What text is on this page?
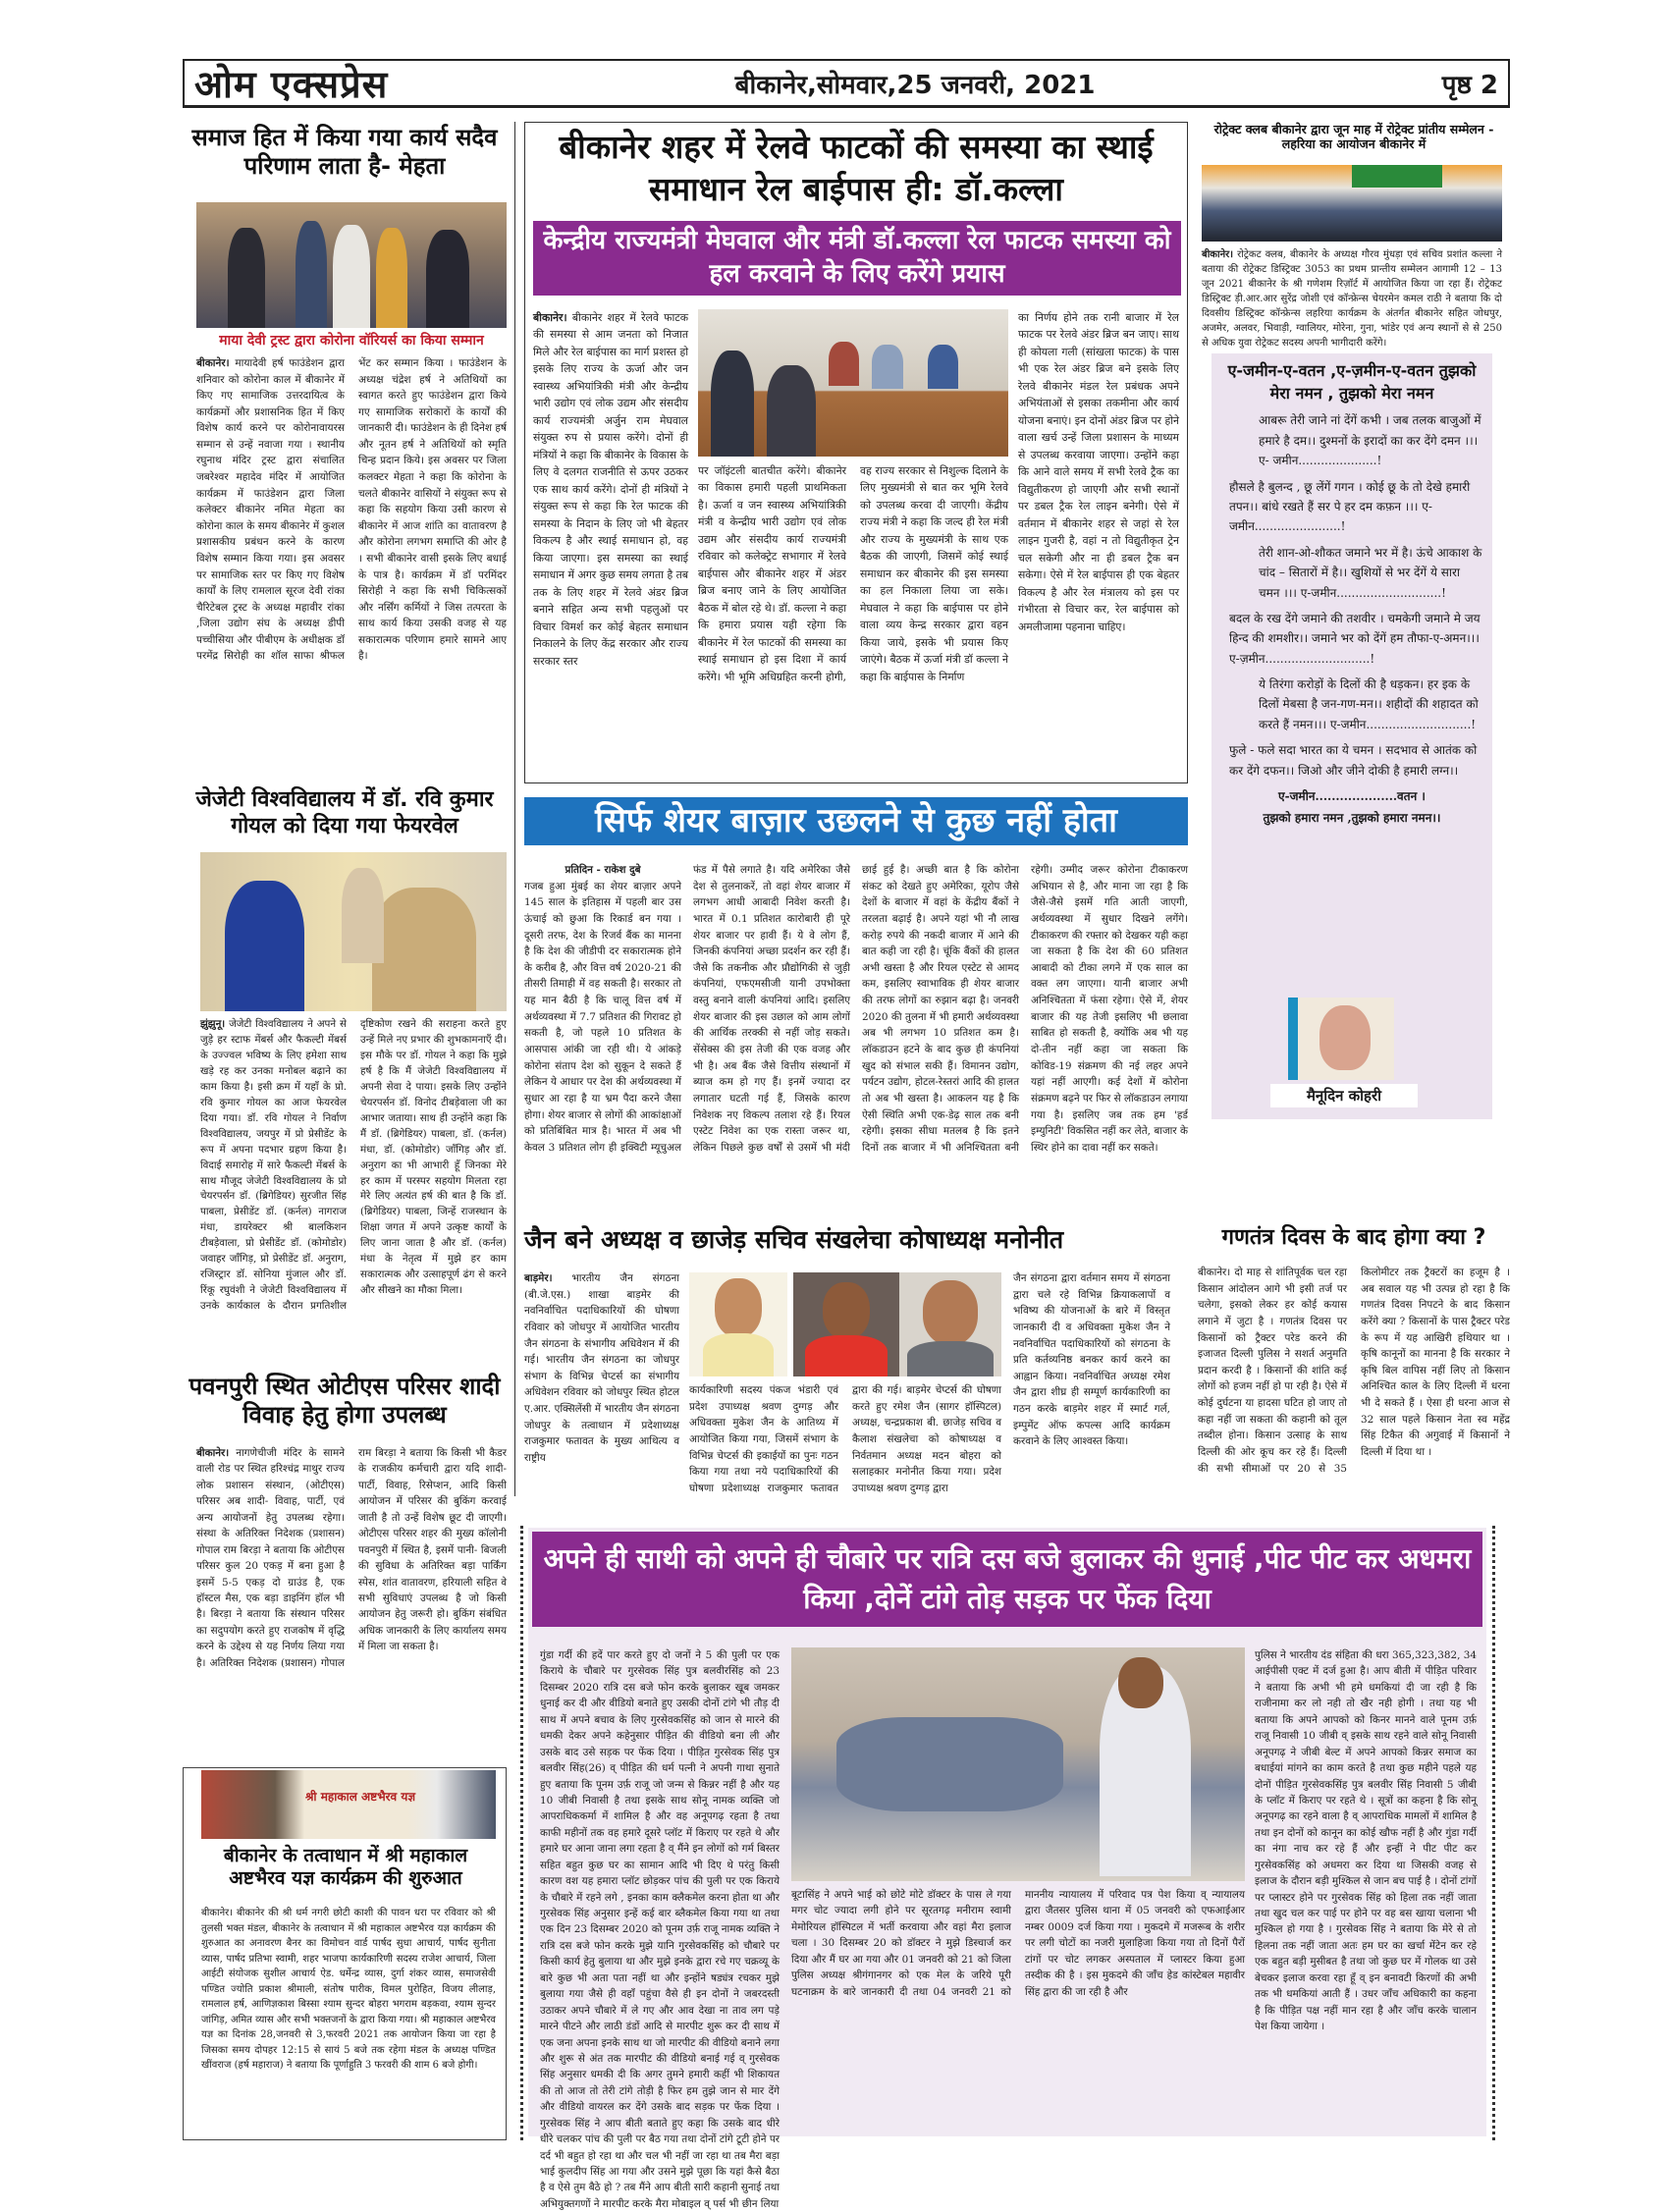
ओम एक्सप्रेस	बीकानेर,सोमवार,25 जनवरी, 2021	पृष्ठ 2
समाज हित में किया गया कार्य सदैव परिणाम लाता है- मेहता
माया देवी ट्रस्ट द्वारा कोरोना वॉरियर्स का किया सम्मान
बीकानेर। मायादेवी हर्ष फाउंडेशन द्वारा शनिवार को कोरोना काल में बीकानेर में किए गए सामाजिक उत्तरदायित्व के कार्यक्रमों और प्रशासनिक हित में किए विशेष कार्य करने पर कोरोनावायरस सम्मान से उन्हें नवाजा गया । स्थानीय रघुनाथ मंदिर ट्रस्ट द्वारा संचालित जबरेश्वर महादेव मंदिर में आयोजित कार्यक्रम में फाउंडेशन द्वारा जिला कलेक्टर बीकानेर नमित मेहता का कोरोना काल के समय बीकानेर में कुशल प्रशासकीय प्रबंधन करने के कारण विशेष सम्मान किया गया। इस अवसर पर सामाजिक स्तर पर किए गए विशेष कार्यों के लिए रामलाल सूरज देवी रांका चैरिटेबल ट्रस्ट के अध्यक्ष महावीर रांका ,जिला उद्योग संघ के अध्यक्ष डीपी पच्चीसिया और पीबीएम के अधीक्षक डॉ परमेंद्र सिरोही का शॉल साफा श्रीफल भेंट कर सम्मान किया । फाउंडेशन के अध्यक्ष चंद्रेश हर्ष ने अतिथियों का स्वागत करते हुए फाउंडेशन द्वारा किये गए सामाजिक सरोकारों के कार्यों की जानकारी दी। फाउंडेशन के ही दिनेश हर्ष और नूतन हर्ष ने अतिथियों को स्मृति चिन्ह प्रदान किये। इस अवसर पर जिला कलक्टर मेहता ने कहा कि कोरोना के चलते बीकानेर वासियों ने संयुक्त रूप से कहा कि सहयोग किया उसी कारण से बीकानेर में आज शांति का वातावरण है और कोरोना लगभग समाप्ति की ओर है । सभी बीकानेर वासी इसके लिए बधाई के पात्र है। कार्यक्रम में डॉ परमिंदर सिरोही ने कहा कि सभी चिकित्सकों और नर्सिंग कर्मियों ने जिस तत्परता के साथ कार्य किया उसकी वजह से यह सकारात्मक परिणाम हमारे सामने आए है।
बीकानेर शहर में रेलवे फाटकों की समस्या का स्थाई समाधान रेल बाईपास ही: डॉ.कल्ला
केन्द्रीय राज्यमंत्री मेघवाल और मंत्री डॉ.कल्ला रेल फाटक समस्या को हल करवाने के लिए करेंगे प्रयास
बीकानेर। बीकानेर शहर में रेलवे फाटक की समस्या से आम जनता को निजात मिले और रेल बाईपास का मार्ग प्रशस्त हो इसके लिए राज्य के ऊर्जा और जन स्वास्थ्य अभियांत्रिकी मंत्री और केन्द्रीय भारी उद्योग एवं लोक उद्यम और संसदीय कार्य राज्यमंत्री अर्जुन राम मेघवाल संयुक्त रुप से प्रयास करेंगे। दोनों ही मंत्रियों ने कहा कि बीकानेर के विकास के लिए वे दलगत राजनीति से ऊपर उठकर एक साथ कार्य करेंगे। दोनों ही मंत्रियों ने संयुक्त रूप से कहा कि रेल फाटक की समस्या के निदान के लिए जो भी बेहतर विकल्प है और स्थाई समाधान हो, वह किया जाएगा। इस समस्या का स्थाई समाधान में अगर कुछ समय लगता है तब तक के लिए शहर में रेलवे अंडर ब्रिज बनाने सहित अन्य सभी पहलुओं पर विचार विमर्श कर कोई बेहतर समाधान निकालने के लिए केंद्र सरकार और राज्य सरकार स्तर
पर जॉइंटली बातचीत करेंगे। बीकानेर का विकास हमारी पहली प्राथमिकता है। ऊर्जा व जन स्वास्थ्य अभियांत्रिकी मंत्री व केन्द्रीय भारी उद्योग एवं लोक उद्यम और संसदीय कार्य राज्यमंत्री रविवार को कलेक्ट्रेट सभागार में रेलवे बाईपास और बीकानेर शहर में अंडर ब्रिज बनाए जाने के लिए आयोजित बैठक में बोल रहे थे। डॉ. कल्ला ने कहा कि हमारा प्रयास यही रहेगा कि बीकानेर में रेल फाटकों की समस्या का स्थाई समाधान हो इस दिशा में कार्य करेंगे। भी भूमि अधिग्रहित करनी होगी, वह राज्य सरकार से निशुल्क दिलाने के लिए मुख्यमंत्री से बात कर भूमि रेलवे को उपलब्ध करवा दी जाएगी। केंद्रीय राज्य मंत्री ने कहा कि जल्द ही रेल मंत्री और राज्य के मुख्यमंत्री के साथ एक बैठक की जाएगी, जिसमें कोई स्थाई समाधान कर बीकानेर की इस समस्या का हल निकाला लिया जा सके। मेघवाल ने कहा कि बाईपास पर होने वाला व्यय केन्द्र सरकार द्वारा वहन किया जाये, इसके भी प्रयास किए जाएंगे। बैठक में ऊर्जा मंत्री डॉ कल्ला ने कहा कि बाईपास के निर्माण
का निर्णय होने तक रानी बाजार में रेल फाटक पर रेलवे अंडर ब्रिज बन जाए। साथ ही कोयला गली (सांखला फाटक) के पास भी एक रेल अंडर ब्रिज बने इसके लिए रेलवे बीकानेर मंडल रेल प्रबंधक अपने अभियंताओं से इसका तकमीना और कार्य योजना बनाएं। इन दोनों अंडर ब्रिज पर होने वाला खर्च उन्हें जिला प्रशासन के माध्यम से उपलब्ध करवाया जाएगा। उन्होंने कहा कि आने वाले समय में सभी रेलवे ट्रैक का विद्युतीकरण हो जाएगी और सभी स्थानों पर डबल ट्रैक रेल लाइन बनेगी। ऐसे में वर्तमान में बीकानेर शहर से जहां से रेल लाइन गुजरी है, वहां न तो विद्युतीकृत ट्रेन चल सकेगी और ना ही डबल ट्रैक बन सकेगा। ऐसे में रेल बाईपास ही एक बेहतर विकल्प है और रेल मंत्रालय को इस पर गंभीरता से विचार कर, रेल बाईपास को अमलीजामा पहनाना चाहिए।
रोट्रेक्ट क्लब बीकानेर द्वारा जून माह में रोट्रेक्ट प्रांतीय सम्मेलन - लहरिया का आयोजन बीकानेर में
बीकानेर। रोट्रेकट क्लब, बीकानेर के अध्यक्ष गौरव मुंधड़ा एवं सचिव प्रशांत कल्ला ने बताया की रोट्रेकट डिस्ट्रिक्ट 3053 का प्रथम प्रान्तीय सम्मेलन आगामी 12 – 13 जून 2021 बीकानेर के श्री गणेशम रिज़ॉर्ट में आयोजित किया जा रहा हैं। रोट्रेकट डिस्ट्रिक्ट ड़ी.आर.आर सुरेंद्र जोशी एवं कॉन्फ्रेन्स चेयरमेन कमल राठी ने बताया कि दो दिवसीय डिस्ट्रिक्ट कॉन्फ्रेन्स लहरिया कार्यक्रम के अंतर्गत बीकानेर सहित जोधपुर, अजमेर, अलवर, भिवाड़ी, ग्वालियर, मोरेना, गुना, भांडेर एवं अन्य स्थानों से से 250 से अधिक युवा रोट्रेकट सदस्य अपनी भागीदारी करेंगे।
ए-जमीन-ए-वतन ,ए-ज़मीन-ए-वतन तुझको मेरा नमन , तुझको मेरा नमन
आबरू तेरी जाने नां देंगें कभी । जब तलक बाजुओं में हमारे है दम।। दुश्मनों के इरादों का कर देंगे दमन ।।। ए- जमीन.....................!
हौसले है बुलन्द , छू लेंगें गगन । कोई छू के तो देखे हमारी तपन।। बांधे रखते हैं सर पे हर दम कफ़न ।।। ए-जमीन.......................!
तेरी शान-ओ-शौकत जमाने भर में है। ऊंचे आकाश के चांद – सितारों में है।। खुशियों से भर देंगें ये सारा चमन ।।। ए-जमीन............................!
बदल के रख देंगे जमाने की तशवीर । चमकेगी जमाने मे जय हिन्द की शमशीर।। जमाने भर को देंगें हम तौफा-ए-अमन।।। ए-ज़मीन............................!
ये तिरंगा करोड़ों के दिलों की है धड़कन। हर इक के दिलों मेबसा है जन-गण-मन।। शहीदों की शहादत को करते हैं नमन।।। ए-जमीन............................!
फुले - फले सदा भारत का ये चमन । सदभाव से आतंक को कर देंगे दफन।। जिओ और जीने दोकी है हमारी लग्न।।
ए-जमीन....................वतन ।
तुझको हमारा नमन ,तुझको हमारा नमन।।
मैनूदिन कोहरी
जेजेटी विश्वविद्यालय में डॉ. रवि कुमार गोयल को दिया गया फेयरवेल
झुंझुनू। जेजेटी विश्वविद्यालय ने अपने से जुड़े हर स्टाफ मेंबर्स और फैकल्टी मेंबर्स के उज्ज्वल भविष्य के लिए हमेशा साथ खड़े रह कर उनका मनोबल बढ़ाने का काम किया है। इसी क्रम में यहाँ के प्रो. रवि कुमार गोयल का आज फेयरवेल दिया गया। डॉ. रवि गोयल ने निर्वाण विश्वविद्यालय, जयपुर में प्रो प्रेसीडेंट के रूप में अपना पदभार ग्रहण किया है। विदाई समारोह में सारे फैकल्टी मेंबर्स के साथ मौजूद जेजेटी विश्वविद्यालय के प्रो चेयरपर्सन डॉ. (ब्रिगेडियर) सुरजीत सिंह पाबला, प्रेसीडेंट डॉ. (कर्नल) नागराज मंधा, डायरेक्टर श्री बालकिशन टीबड़ेवाला, प्रो प्रेसीडेंट डॉ. (कोमोडोर) जवाहर जाँगिड़, प्रो प्रेसीडेंट डॉ. अनुराग, रजिस्ट्रार डॉ. सोनिया मुंजाल और डॉ. रिंकू रघुवंशी ने जेजेटी विश्वविद्यालय में उनके कार्यकाल के दौरान प्रगतिशील दृष्टिकोण रखने की सराहना करते हुए उन्हें मिले नए प्रभार की शुभकामनाएँ दी। इस मौके पर डॉ. गोयल ने कहा कि मुझे हर्ष है कि मैं जेजेटी विश्वविद्यालय में अपनी सेवा दे पाया। इसके लिए उन्होंने चेयरपर्सन डॉ. विनोद टीबड़ेवाला जी का आभार जताया। साथ ही उन्होंने कहा कि मैं डॉ. (ब्रिगेडियर) पाबला, डॉ. (कर्नल) मंधा, डॉ. (कोमोडोर) जाँगिड़ और डॉ. अनुराग का भी आभारी हूँ जिनका मेरे हर काम में परस्पर सहयोग मिलता रहा मेरे लिए अत्यंत हर्ष की बात है कि डॉ. (ब्रिगेडियर) पाबला, जिन्हें राजस्थान के शिक्षा जगत में अपने उत्कृष्ट कार्यों के लिए जाना जाता है और डॉ. (कर्नल) मंधा के नेतृत्व में मुझे हर काम सकारात्मक और उत्साहपूर्ण ढंग से करने और सीखने का मौका मिला।
सिर्फ शेयर बाज़ार उछलने से कुछ नहीं होता
प्रतिदिन - राकेश दुबे
गजब हुआ मुंबई का शेयर बाज़ार अपने 145 साल के इतिहास में पहली बार उस ऊंचाई को छुआ कि रिकार्ड बन गया । दूसरी तरफ, देश के रिजर्व बैंक का मानना है कि देश की जीडीपी दर सकारात्मक होने के करीब है, और वित्त वर्ष 2020-21 की तीसरी तिमाही में वह सकती है। सरकार तो यह मान बैठी है कि चालू वित्त वर्ष में अर्थव्यवस्था में 7.7 प्रतिशत की गिरावट हो सकती है, जो पहले 10 प्रतिशत के आसपास आंकी जा रही थी। ये आंकड़े कोरोना संताप देश को सुकून दे सकते हैं लेकिन ये आधार पर देश की अर्थव्यवस्था में सुधार आ रहा है या भ्रम पैदा करने जैसा होगा। शेयर बाजार से लोगों की आकांक्षाओं को प्रतिबिंबित मात्र है। भारत में अब भी केवल 3 प्रतिशत लोग ही इक्विटी म्यूचुअल फंड में पैसे लगाते है। यदि अमेरिका जैसे देश से तुलनाकरें, तो वहां शेयर बाजार में लगभग आधी आबादी निवेश करती है। भारत में 0.1 प्रतिशत कारोबारी ही पूरे शेयर बाजार पर हावी हैं। ये वे लोग हैं, जिनकी कंपनियां अच्छा प्रदर्शन कर रही हैं। जैसे कि तकनीक और प्रौद्योगिकी से जुड़ी कंपनियां, एफएमसीजी यानी उपभोक्ता वस्तु बनाने वाली कंपनियां आदि। इसलिए शेयर बाजार की इस उछाल को आम लोगों की आर्थिक तरक्की से नहीं जोड़ सकते। सेंसेक्स की इस तेजी की एक वजह और भी है। अब बैंक जैसे वित्तीय संस्थानों में ब्याज कम हो गए हैं। इनमें ज्यादा दर लगातार घटती गई हैं, जिसके कारण निवेशक नए विकल्प तलाश रहे हैं। रियल एस्टेट निवेश का एक रास्ता जरूर था, लेकिन पिछले कुछ वर्षों से उसमें भी मंदी छाई हुई है। अच्छी बात है कि कोरोना संकट को देखते हुए अमेरिका, यूरोप जैसे देशों के बाजार में वहां के केंद्रीय बैंकों ने तरलता बढ़ाई है। अपने यहां भी नौ लाख करोड़ रुपये की नकदी बाजार में आने की बात कही जा रही है। चूंकि बैंकों की हालत अभी खस्ता है और रियल एस्टेट से आमद कम, इसलिए स्वाभाविक ही शेयर बाजार की तरफ लोगों का रुझान बढ़ा है। जनवरी 2020 की तुलना में भी हमारी अर्थव्यवस्था अब भी लगभग 10 प्रतिशत कम है। लॉकडाउन हटने के बाद कुछ ही कंपनियां खुद को संभाल सकी हैं। विमानन उद्योग, पर्यटन उद्योग, होटल-रेस्तरां आदि की हालत तो अब भी खस्ता है। आकलन यह है कि ऐसी स्थिति अभी एक-डेढ़ साल तक बनी रहेगी। इसका सीधा मतलब है कि इतने दिनों तक बाजार में भी अनिश्चितता बनी रहेगी। उम्मीद जरूर कोरोना टीकाकरण अभियान से है, और माना जा रहा है कि जैसे-जैसे इसमें गति आती जाएगी, अर्थव्यवस्था में सुधार दिखने लगेंगे। टीकाकरण की रफ्तार को देखकर यही कहा जा सकता है कि देश की 60 प्रतिशत आबादी को टीका लगने में एक साल का वक्त लग जाएगा। यानी बाजार अभी अनिश्चितता में फंसा रहेगा। ऐसे में, शेयर बाजार की यह तेजी इसलिए भी छलावा साबित हो सकती है, क्योंकि अब भी यह दो-तीन नहीं कहा जा सकता कि कोविड-19 संक्रमण की नई लहर अपने यहां नहीं आएगी। कई देशों में कोरोना संक्रमण बढ़ने पर फिर से लॉकडाउन लगाया गया है। इसलिए जब तक हम 'हर्ड इम्युनिटी' विकसित नहीं कर लेते, बाजार के स्थिर होने का दावा नहीं कर सकते।
जैन बने अध्यक्ष व छाजेड़ सचिव संखलेचा कोषाध्यक्ष मनोनीत
बाड़मेर। भारतीय जैन संगठना (बी.जे.एस.) शाखा बाड़मेर की नवनिर्वाचित पदाधिकारियों की घोषणा रविवार को जोधपुर में आयोजित भारतीय जैन संगठना के संभागीय अधिवेशन में की गई। भारतीय जैन संगठना का जोधपुर संभाग के विभिन्न चेप्टर्स का संभागीय अधिवेशन रविवार को जोधपुर स्थित होटल ए.आर. एक्सिलेंसी में भारतीय जैन संगठना जोधपुर के तत्वाधान में प्रदेशाध्यक्ष राजकुमार फतावत के मुख्य आथित्य व राष्ट्रीय
कार्यकारिणी सदस्य पंकज भंडारी एवं प्रदेश उपाध्यक्ष श्रवण दुग्गड़ और अधिवक्ता मुकेश जैन के आतिथ्य में आयोजित किया गया, जिसमें संभाग के विभिन्न चेप्टर्स की इकाईयों का पुनः गठन किया गया तथा नये पदाधिकारियों की घोषणा प्रदेशाध्यक्ष राजकुमार फतावत द्वारा की गई। बाड़मेर चेप्टर्स की घोषणा करते हुए रमेश जैन (सागर हॉस्पिटल) अध्यक्ष, चन्द्रप्रकाश बी. छाजेड़ सचिव व कैलाश संखलेचा को कोषाध्यक्ष व निर्वतमान अध्यक्ष मदन बोहरा को सलाहकार मनोनीत किया गया। प्रदेश उपाध्यक्ष श्रवण दुग्गड़ द्वारा
जैन संगठना द्वारा वर्तमान समय में संगठना द्वारा चले रहे विभिन्न क्रियाकलापों व भविष्य की योजनाओं के बारे में विस्तृत जानकारी दी व अधिवक्ता मुकेश जैन ने नवनिर्वाचित पदाधिकारियों को संगठना के प्रति कर्तव्यनिष्ठ बनकर कार्य करने का आह्वान किया। नवनिर्वाचित अध्यक्ष रमेश जैन द्वारा शीघ्र ही सम्पूर्ण कार्यकारिणी का गठन करके बाड़मेर शहर में स्मार्ट गर्ल, इम्पुमेंट ऑफ कपल्स आदि कार्यक्रम करवाने के लिए आश्वस्त किया।
गणतंत्र दिवस के बाद होगा क्या ?
बीकानेर। दो माह से शांतिपूर्वक चल रहा किसान आंदोलन आगे भी इसी तर्ज पर चलेगा, इसको लेकर हर कोई कयास लगाने में जुटा है । गणतंत्र दिवस पर किसानों को ट्रैक्टर परेड करने की इजाजत दिल्ली पुलिस ने सशर्त अनुमति प्रदान करदी है । किसानों की शांति कई लोगों को हजम नहीं हो पा रही है। ऐसे में कोई दुर्घटना या हादसा घटित हो जाए तो कहा नहीं जा सकता की कहानी को तूल तब्दील होना। किसान उत्साह के साथ दिल्ली की ओर कूच कर रहे हैं। दिल्ली की सभी सीमाओं पर 20 से 35 किलोमीटर तक ट्रैक्टरों का हजूम है । अब सवाल यह भी उत्पन्न हो रहा है कि गणतंत्र दिवस निपटने के बाद किसान करेंगे क्या ? किसानों के पास ट्रैक्टर परेड के रूप में यह आखिरी हथियार था । कृषि कानूनों का मानना है कि सरकार ने कृषि बिल वापिस नहीं लिए तो किसान अनिश्चित काल के लिए दिल्ली में धरना भी दे सकते हैं । ऐसा ही धरना आज से 32 साल पहले किसान नेता स्व महेंद्र सिंह टिकैत की अगुवाई में किसानों ने दिल्ली में दिया था ।
पवनपुरी स्थित ओटीएस परिसर शादी विवाह हेतु होगा उपलब्ध
बीकानेर। नागणेचीजी मंदिर के सामने वाली रोड पर स्थित हरिश्चंद्र माथुर राज्य लोक प्रशासन संस्थान, (ओटीएस) परिसर अब शादी- विवाह, पार्टी, एवं अन्य आयोजनों हेतु उपलब्ध रहेगा। संस्था के अतिरिक्त निदेशक (प्रशासन) गोपाल राम बिरड़ा ने बताया कि ओटीएस परिसर कुल 20 एकड़ में बना हुआ है इसमें 5-5 एकड़ दो ग्राउंड है, एक हॉस्टल मैस, एक बड़ा डाइनिंग हॉल भी है। बिरड़ा ने बताया कि संस्थान परिसर का सदुपयोग करते हुए राजकोष में वृद्धि करने के उद्देश्य से यह निर्णय लिया गया है। अतिरिक्त निदेशक (प्रशासन) गोपाल राम बिरड़ा ने बताया कि किसी भी कैडर के राजकीय कर्मचारी द्वारा यदि शादी-पार्टी, विवाह, रिसेप्शन, आदि किसी आयोजन में परिसर की बुकिंग करवाई जाती है तो उन्हें विशेष छूट दी जाएगी। ओटीएस परिसर शहर की मुख्य कॉलोनी पवनपुरी में स्थित है, इसमें पानी- बिजली की सुविधा के अतिरिक्त बड़ा पार्किंग स्पेस, शांत वातावरण, हरियाली सहित वे सभी सुविधाएं उपलब्ध है जो किसी आयोजन हेतु जरूरी हो। बुकिंग संबंधित अधिक जानकारी के लिए कार्यालय समय में मिला जा सकता है।
श्री महाकाल अष्टभैरव यज्ञ
बीकानेर के तत्वाधान में श्री महाकाल अष्टभैरव यज्ञ कार्यक्रम की शुरुआत
बीकानेर। बीकानेर की श्री धर्म नगरी छोटी काशी की पावन धरा पर रविवार को श्री तुलसी भक्त मंडल, बीकानेर के तत्वाधान में श्री महाकाल अष्टभैरव यज्ञ कार्यक्रम की शुरुआत का अनावरण बैनर का विमोचन वार्ड पार्षद सुधा आचार्य, पार्षद सुनीता व्यास, पार्षद प्रतिभा स्वामी, शहर भाजपा कार्यकारिणी सदस्य राजेश आचार्य, जिला आईटी संयोजक सुशील आचार्य ऐड. धर्मेन्द्र व्यास, दुर्गा शंकर व्यास, समाजसेवी पण्डित ज्योति प्रकाश श्रीमाली, संतोष पारीक, विमल पुरोहित, विजय लीलाड़, रामलाल हर्ष, आणिज्ञकाश बिस्सा श्याम सुन्दर बोहरा भगराम बड़कवा, श्याम सुन्दर जांगिड़, अमित व्यास और सभी भक्तजनों के द्वारा किया गया। श्री महाकाल अष्टभैरव यज्ञ का दिनांक 28,जनवरी से 3,फरवरी 2021 तक आयोजन किया जा रहा है जिसका समय दोपहर 12:15 से सायं 5 बजे तक रहेगा मंडल के अध्यक्ष पण्डित खींवराज (हर्ष महाराज) ने बताया कि पूर्णाहुति 3 फरवरी की शाम 6 बजे होगी।
अपने ही साथी को अपने ही चौबारे पर रात्रि दस बजे बुलाकर की धुनाई ,पीट पीट कर अधमरा किया ,दोनें टांगे तोड़ सड़क पर फेंक दिया
गुंडा गर्दी की हदें पार करते हुए दो जनों ने 5 की पुली पर एक किराये के चौबारे पर गुरसेवक सिंह पुत्र बलवीरसिंह को 23 दिसम्बर 2020 रात्रि दस बजे फोन करके बुलाकर खूब जमकर धुनाई कर दी और वीडियो बनाते हुए उसकी दोनों टांगे भी तौड़ दी साथ में अपने बचाव के लिए गुरसेवकसिंह को जान से मारने की धमकी देकर अपने कहेनुसार पीड़ित की वीडियो बना ली और उसके बाद उसे सड़क पर फेंक दिया । पीड़ित गुरसेवक सिंह पुत्र बलवीर सिंह(26) व् पीड़ित की धर्म पत्नी ने अपनी गाथा सुनाते हुए बताया कि पूनम उर्फ़ राजू जो जन्म से किन्नर नहीं है और यह 10 जीबी निवासी है तथा इसके साथ सोनू नामक व्यक्ति जो आपराधिककर्मा में शामिल है और वह अनूपगढ़ रहता है तथा काफी महीनों तक वह हमारे दूसरे प्लॉट में किराए पर रहते थे और हमारे घर आना जाना लगा रहता है व् मैंने इन लोगों को गर्म बिस्तर सहित बहुत कुछ घर का सामान आदि भी दिए थे परंतु किसी कारण वश यह हमारा प्लॉट छोड़कर पांच की पुली पर एक किराये के चौबारे में रहने लगे , इनका काम क्लैकमेल करना होता था और गुरसेवक सिंह अनुसार इन्हें कई बार ब्लैकमेल किया गया था तथा एक दिन 23 दिसम्बर 2020 को पूनम उर्फ़ राजू नामक व्यक्ति ने रात्रि दस बजे फोन करके मुझे यानि गुरसेवकसिंह को चौबारे पर किसी कार्य हेतु बुलाया था और मुझे इनके द्वारा रचे गए चक्रव्यू के बारे कुछ भी अता पता नहीं था और इन्होंने षड्यंत्र रचकर मुझे बुलाया गया जैसे ही वहाँ पहुंचा वैसे ही इन दोनों ने जबरदस्ती उठाकर अपने चौबारे में ले गए और आव देखा ना ताव लग पड़े मारने पीटने और लाठी डंडों आदि से मारपीट शुरू कर दी साथ में एक जना अपना इनके साथ था जो मारपीट की वीडियो बनाने लगा और शुरू से अंत तक मारपीट की वीडियो बनाई गई व् गुरसेवक सिंह अनुसार धमकी दी कि अगर तुमने हमारी कहीं भी शिकायत की तो आज तो तेरी टांगे तोड़ी है फिर हम तुझे जान से मार देंगे और वीडियो वायरल कर देंगे उसके बाद सड़क पर फेंक दिया । गुरसेवक सिंह ने आप बीती बताते हुए कहा कि उसके बाद धीरे धीरे चलकर पांच की पुली पर बैठ गया तथा दोनों टांगे टूटी होने पर दर्द भी बहुत हो रहा था और चल भी नहीं जा रहा था तब मैरा बड़ा भाई कुलदीप सिंह आ गया और उसने मुझे पूछा कि यहां कैसे बैठा है व ऐसे तुम बैठे हो ? तब मैंने आप बीती सारी कहानी सुनाई तथा अभियुक्तगणों ने मारपीट करके मैरा मोबाइल व् पर्स भी छीन लिया
बूटासिंह ने अपने भाई को छोटे मोटे डॉक्टर के पास ले गया मगर चोट ज्यादा लगी होने पर सूरतगढ़ मनीराम स्वामी मेमोरियल हॉस्पिटल में भर्ती करवाया और वहां मैरा इलाज चला । 30 दिसम्बर 20 को डॉक्टर ने मुझे डिस्चार्ज कर दिया और मैं घर आ गया और 01 जनवरी को 21 को जिला पुलिस अध्यक्ष श्रीगंगानगर को एक मेल के जरिये पूरी घटनाक्रम के बारे जानकारी दी तथा 04 जनवरी 21 को माननीय न्यायालय में परिवाद पत्र पेश किया व् न्यायालय द्वारा जैतसर पुलिस थाना में 05 जनवरी को एफआईआर नम्बर 0009 दर्ज किया गया । मुकदमे में मजरूब के शरीर पर लगी चोटों का नजरी मुलाहिजा किया गया तो दिनों पैरों टांगों पर चोट लगकर अस्पताल में प्लास्टर किया हुआ तस्दीक की है । इस मुकदमे की जाँच हेड कांस्टेबल महावीर सिंह द्वारा की जा रही है और
पुलिस ने भारतीय दंड संहिता की धरा 365,323,382, 34 आईपीसी एक्ट में दर्ज हुआ है। आप बीती में पीड़ित परिवार ने बताया कि अभी भी हमे धमकियां दी जा रही है कि राजीनामा कर लो नही तो खैर नही होगी । तथा यह भी बताया कि अपने आपको को किनर मानने वाले पूनम उर्फ़ राजू निवासी 10 जीबी व् इसके साथ रहने वाले सोनू निवासी अनूपगढ़ ने जीबी बेल्ट में अपने आपको किन्नर समाज का बधाईयां मांगने का काम करते है तथा कुछ महीने पहले यह दोनों पीड़ित गुरसेवकसिंह पुत्र बलवीर सिंह निवासी 5 जीबी के प्लॉट में किराए पर रहते थे । सूत्रों का कहना है कि सोनू अनूपगढ़ का रहने वाला है व् आपराधिक मामलों में शामिल है तथा इन दोनों को कानून का कोई खौफ नहीं है और गुंडा गर्दी का नंगा नाच कर रहे हैं और इन्हीं ने पीट पीट कर गुरसेवकसिंह को अधमरा कर दिया था जिसकी वजह से इलाज के दौरान बड़ी मुश्किल से जान बच पाई है । दोनों टांगों पर प्लास्टर होने पर गुरसेवक सिंह को हिला तक नहीं जाता तथा खुद चल कर पाई पर होने पर वह बस खाया चलाना भी मुश्किल हो गया है । गुरसेवक सिंह ने बताया कि मेरे से तो हिलना तक नहीं जाता अतः हम घर का खर्चा मेंटेन कर रहे एक बहुत बड़ी मुसीबत है तथा जो कुछ घर में गोलक था उसे बेचकर इलाज करवा रहा हूँ व् इन बनावटी किरणों की अभी तक भी धमकियां आती हैं । उधर जाँच अधिकारी का कहना है कि पीड़ित पक्ष नहीं मान रहा है और जाँच करके चालान पेश किया जायेगा ।
